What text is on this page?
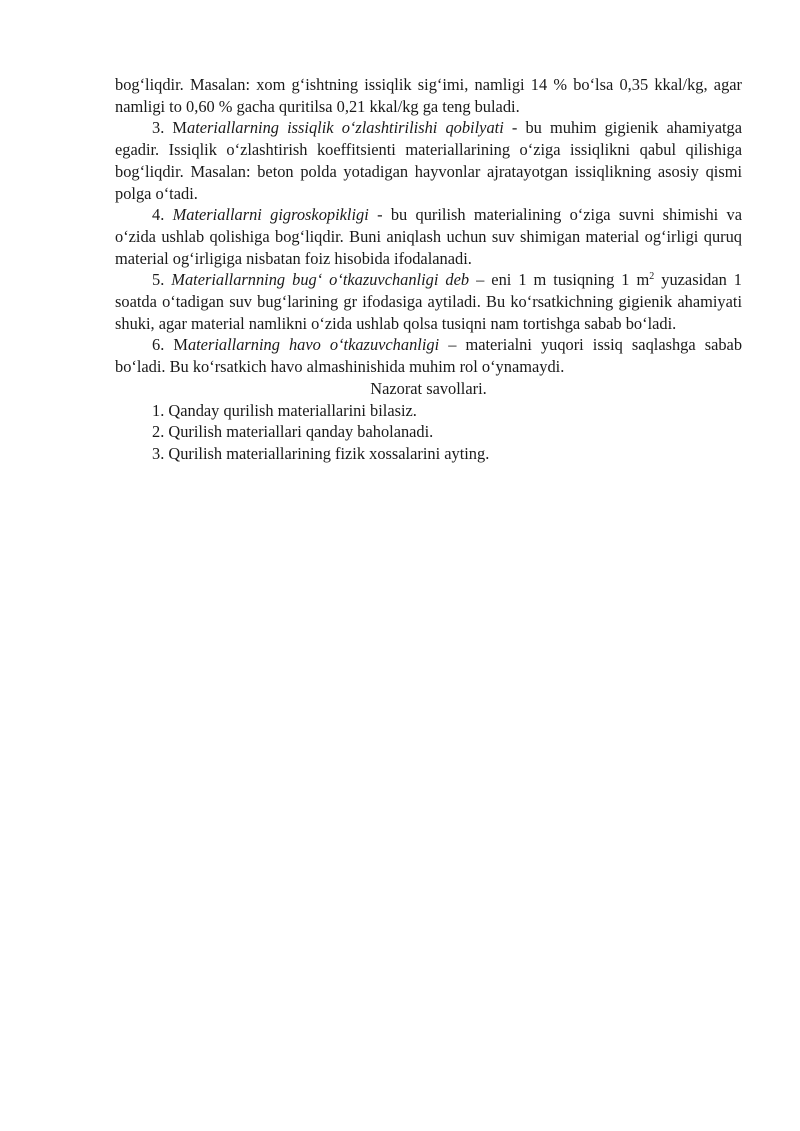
bog‘liqdir. Masalan: xom g‘ishtning issiqlik sig‘imi, namligi 14 % bo‘lsa 0,35 kkal/kg, agar namligi to 0,60 % gacha quritilsa 0,21 kkal/kg ga teng buladi.

3. Materiallarning issiqlik o‘zlashtirilishi qobilyati - bu muhim gigienik ahamiyatga egadir. Issiqlik o‘zlashtirish koeffitsienti materiallarining o‘ziga issiqlikni qabul qilishiga bog‘liqdir. Masalan: beton polda yotadigan hayvonlar ajratayotgan issiqlikning asosiy qismi polga o‘tadi.

4. Materiallarni gigroskopikligi - bu qurilish materialining o‘ziga suvni shimishi va o‘zida ushlab qolishiga bog‘liqdir. Buni aniqlash uchun suv shimigan material og‘irligi quruq material og‘irligiga nisbatan foiz hisobida ifodalanadi.

5. Materiallarnning bug‘ o‘tkazuvchanligi deb – eni 1 m tusiqning 1 $m^2$ yuzasidan 1 soatda o‘tadigan suv bug‘larining gr ifodasiga aytiladi. Bu ko‘rsatkichning gigienik ahamiyati shuki, agar material namlikni o‘zida ushlab qolsa tusiqni nam tortishga sabab bo‘ladi.

6. Materiallarning havo o‘tkazuvchanligi – materialni yuqori issiq saqlashga sabab bo‘ladi. Bu ko‘rsatkich havo almashinishida muhim rol o‘ynamaydi.

Nazorat savollari.

1. Qanday qurilish materiallarini bilasiz.

2. Qurilish materiallari qanday baholanadi.

3. Qurilish materiallarining fizik xossalarini ayting.
